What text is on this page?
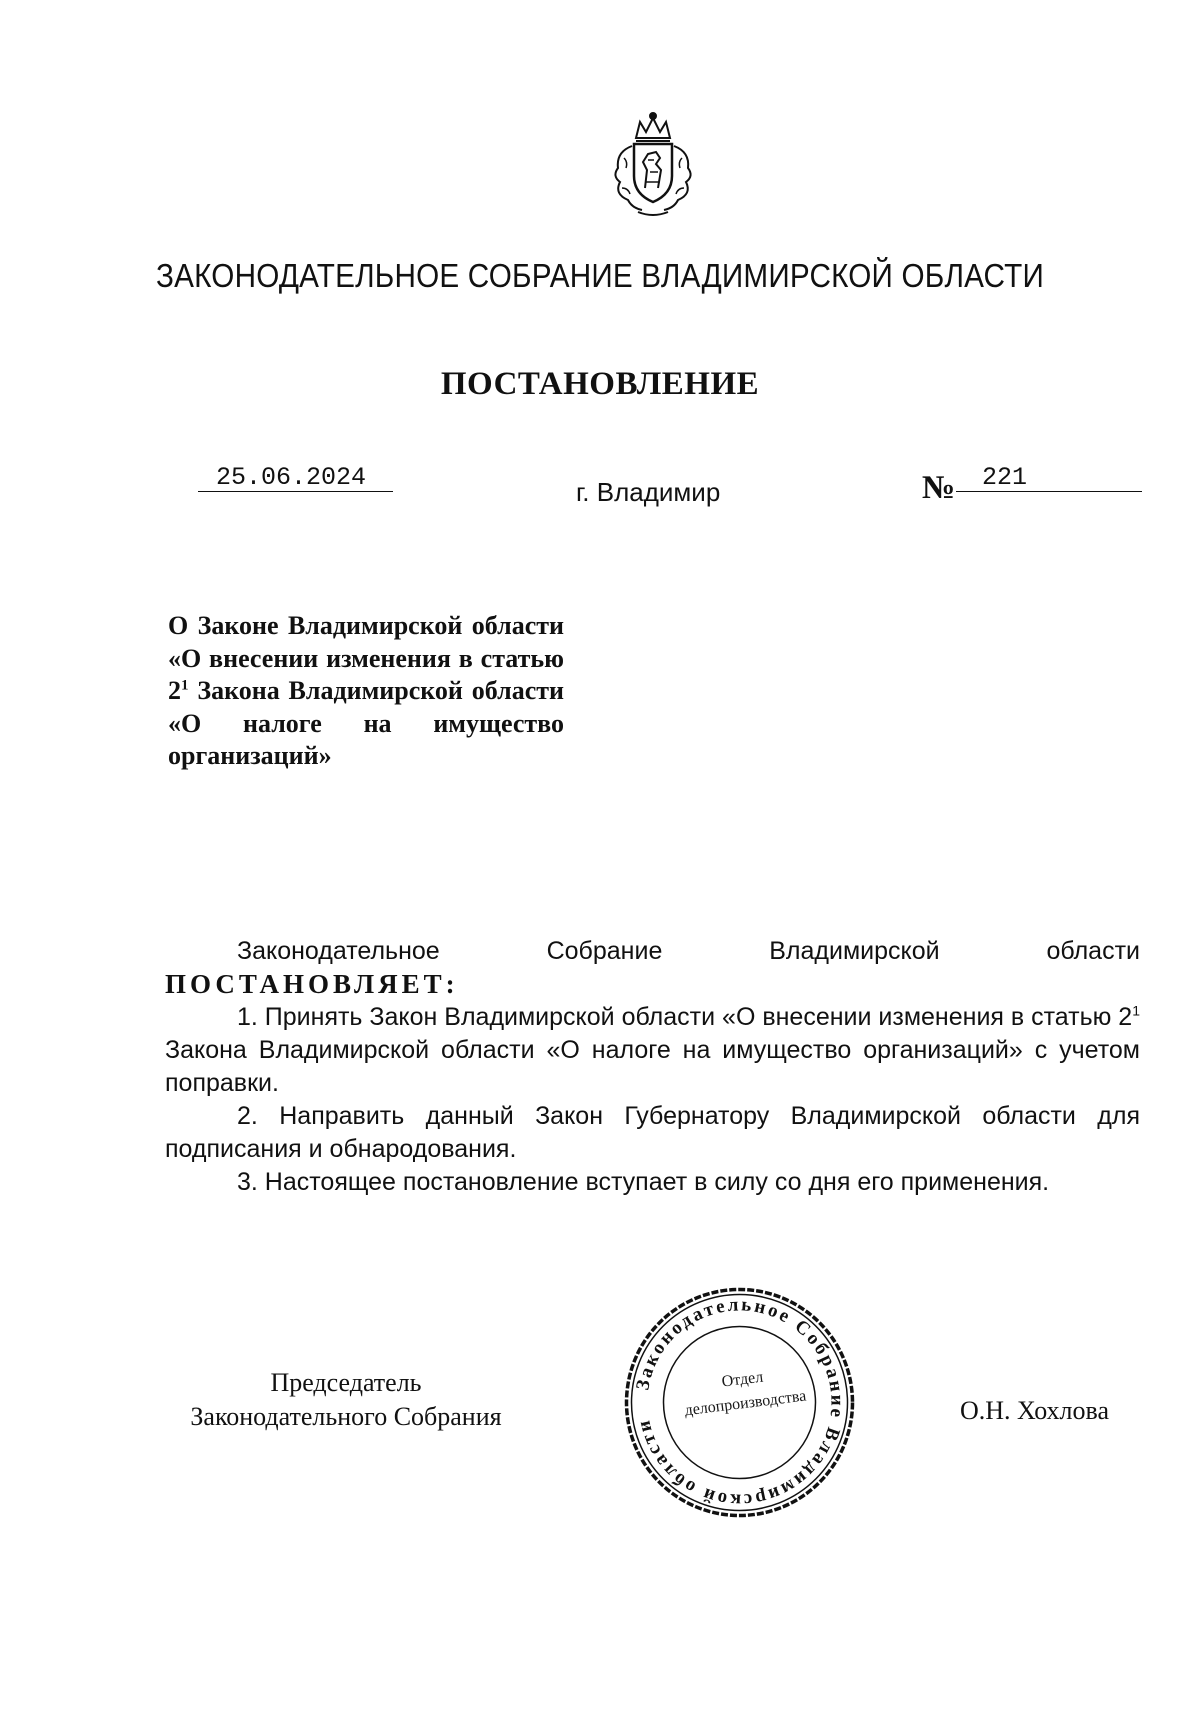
ЗАКОНОДАТЕЛЬНОЕ СОБРАНИЕ ВЛАДИМИРСКОЙ ОБЛАСТИ
ПОСТАНОВЛЕНИЕ
25.06.2024	г. Владимир	№	221
О Законе Владимирской области «О внесении изменения в статью $2^1$ Закона Владимирской области «О налоге на имущество организаций»

Законодательное Собрание Владимирской области

ПОСТАНОВЛЯЕТ:

1. Принять Закон Владимирской области «О внесении изменения в статью $2^1$ Закона Владимирской области «О налоге на имущество организаций» с учетом поправки.

2. Направить данный Закон Губернатору Владимирской области для подписания и обнародования.

3. Настоящее постановление вступает в силу со дня его применения.

Председатель
Законодательного Собрания	О.Н. Хохлова
Законодательное Собрание Владимирской области
Отдел
делопроизводства
